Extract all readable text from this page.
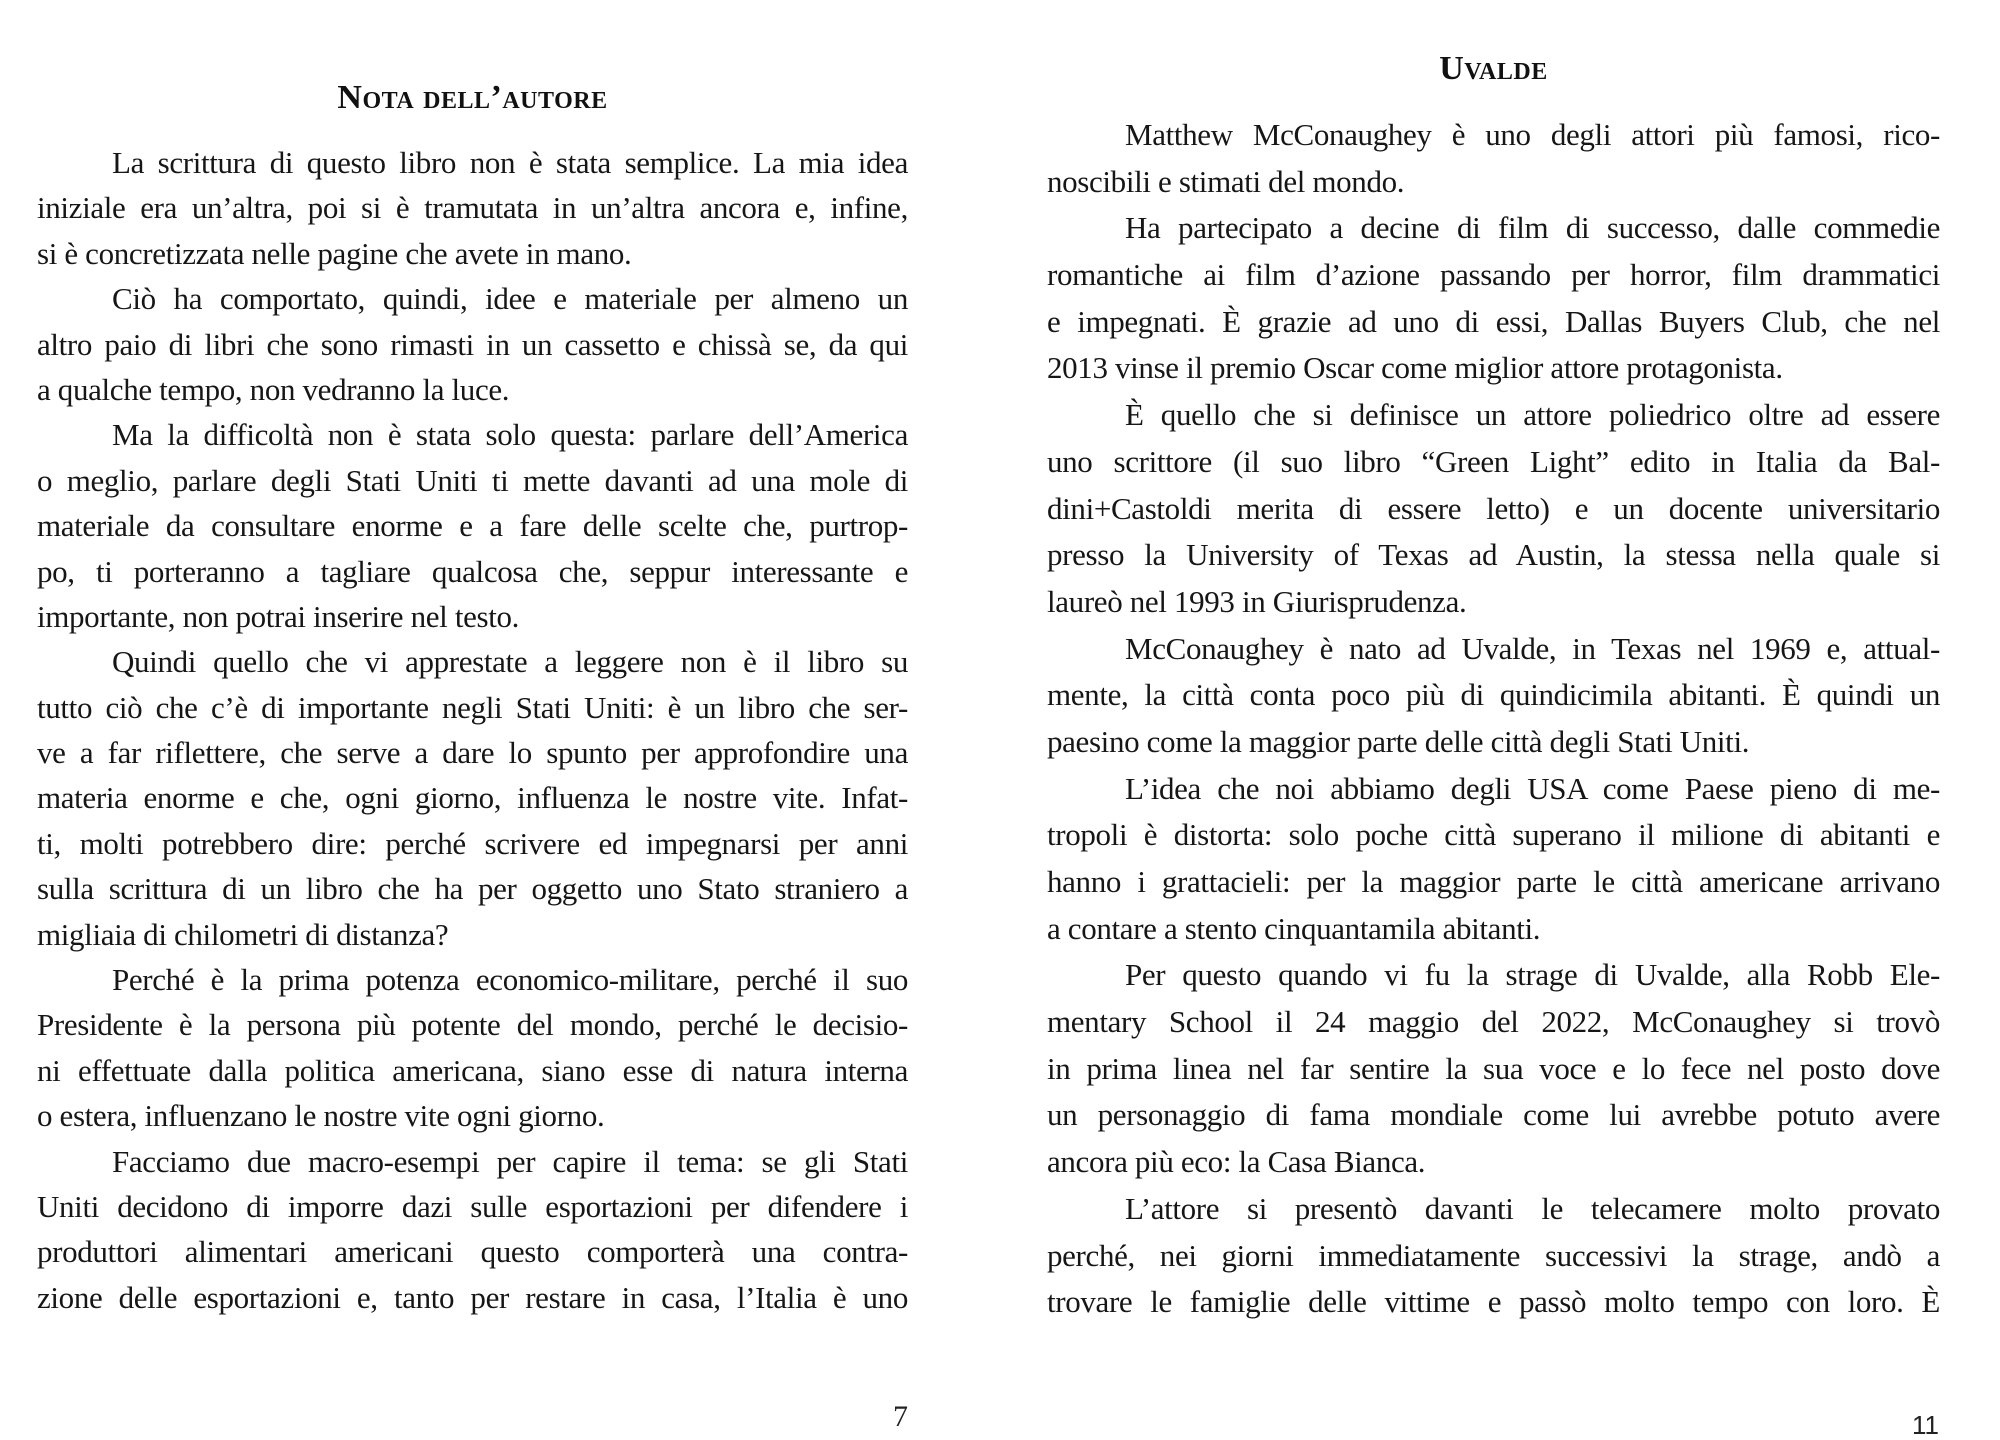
Nota dell’autore

La scrittura di questo libro non è stata semplice. La mia idea
iniziale era un’altra, poi si è tramutata in un’altra ancora e, infine,
si è concretizzata nelle pagine che avete in mano.

Ciò ha comportato, quindi, idee e materiale per almeno un
altro paio di libri che sono rimasti in un cassetto e chissà se, da qui
a qualche tempo, non vedranno la luce.

Ma la difficoltà non è stata solo questa: parlare dell’America
o meglio, parlare degli Stati Uniti ti mette davanti ad una mole di
materiale da consultare enorme e a fare delle scelte che, purtrop-
po, ti porteranno a tagliare qualcosa che, seppur interessante e
importante, non potrai inserire nel testo.

Quindi quello che vi apprestate a leggere non è il libro su
tutto ciò che c’è di importante negli Stati Uniti: è un libro che ser-
ve a far riflettere, che serve a dare lo spunto per approfondire una
materia enorme e che, ogni giorno, influenza le nostre vite. Infat-
ti, molti potrebbero dire: perché scrivere ed impegnarsi per anni
sulla scrittura di un libro che ha per oggetto uno Stato straniero a
migliaia di chilometri di distanza?

Perché è la prima potenza economico-militare, perché il suo
Presidente è la persona più potente del mondo, perché le decisio-
ni effettuate dalla politica americana, siano esse di natura interna
o estera, influenzano le nostre vite ogni giorno.

Facciamo due macro-esempi per capire il tema: se gli Stati
Uniti decidono di imporre dazi sulle esportazioni per difendere i
produttori alimentari americani questo comporterà una contra-
zione delle esportazioni e, tanto per restare in casa, l’Italia è uno

7
Uvalde

Matthew McConaughey è uno degli attori più famosi, rico-
noscibili e stimati del mondo.

Ha partecipato a decine di film di successo, dalle commedie
romantiche ai film d’azione passando per horror, film drammatici
e impegnati. È grazie ad uno di essi, Dallas Buyers Club, che nel
2013 vinse il premio Oscar come miglior attore protagonista.

È quello che si definisce un attore poliedrico oltre ad essere
uno scrittore (il suo libro “Green Light” edito in Italia da Bal-
dini+Castoldi merita di essere letto) e un docente universitario
presso la University of Texas ad Austin, la stessa nella quale si
laureò nel 1993 in Giurisprudenza.

McConaughey è nato ad Uvalde, in Texas nel 1969 e, attual-
mente, la città conta poco più di quindicimila abitanti. È quindi un
paesino come la maggior parte delle città degli Stati Uniti.

L’idea che noi abbiamo degli USA come Paese pieno di me-
tropoli è distorta: solo poche città superano il milione di abitanti e
hanno i grattacieli: per la maggior parte le città americane arrivano
a contare a stento cinquantamila abitanti.

Per questo quando vi fu la strage di Uvalde, alla Robb Ele-
mentary School il 24 maggio del 2022, McConaughey si trovò
in prima linea nel far sentire la sua voce e lo fece nel posto dove
un personaggio di fama mondiale come lui avrebbe potuto avere
ancora più eco: la Casa Bianca.

L’attore si presentò davanti le telecamere molto provato
perché, nei giorni immediatamente successivi la strage, andò a
trovare le famiglie delle vittime e passò molto tempo con loro. È

11
